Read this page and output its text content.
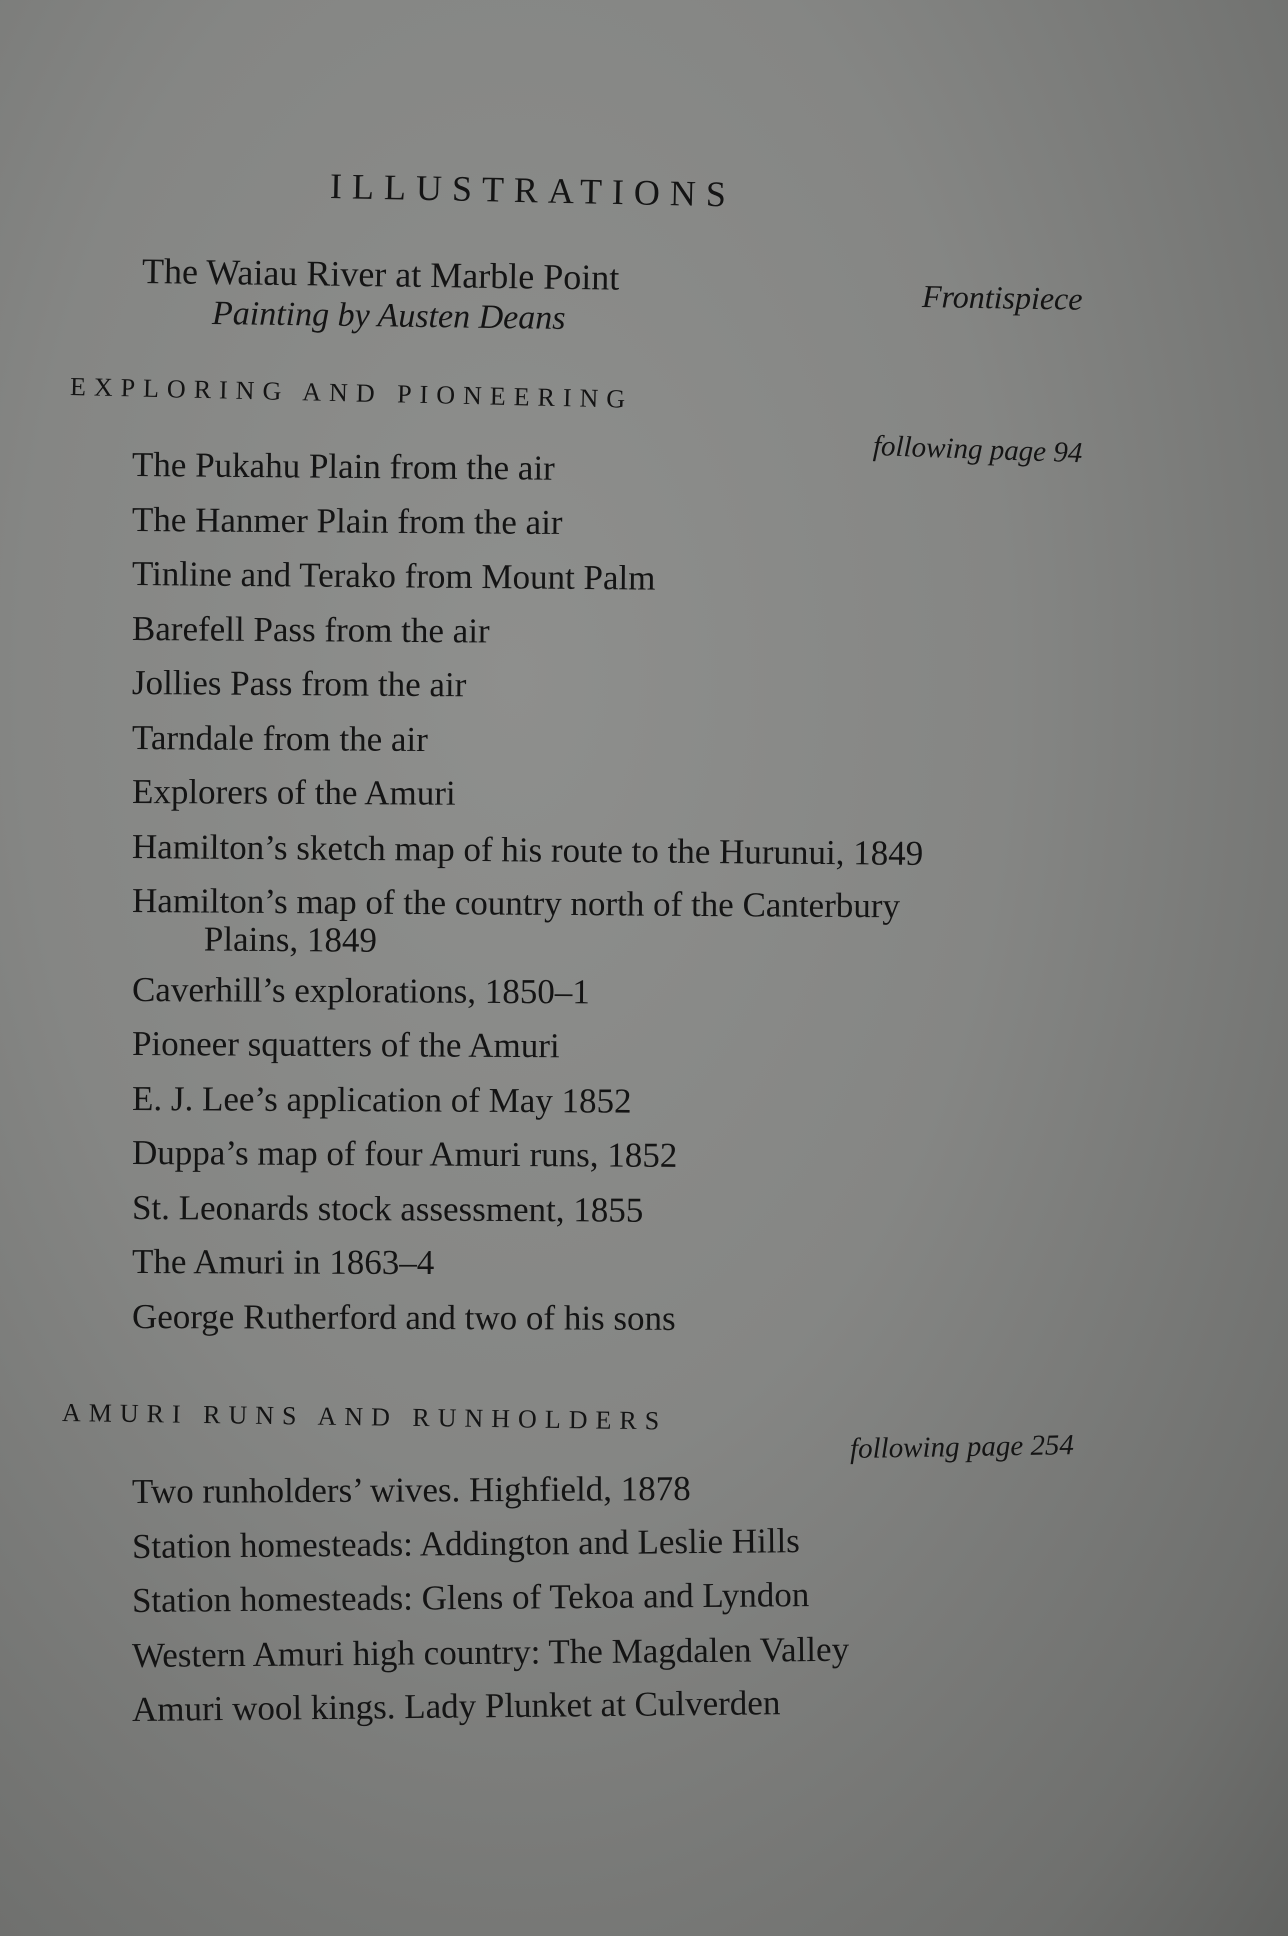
ILLUSTRATIONS
The Waiau River at Marble Point
Painting by Austen Deans	Frontispiece
EXPLORING AND PIONEERING
following page 94
The Pukahu Plain from the air
The Hanmer Plain from the air
Tinline and Terako from Mount Palm
Barefell Pass from the air
Jollies Pass from the air
Tarndale from the air
Explorers of the Amuri
Hamilton’s sketch map of his route to the Hurunui, 1849
Hamilton’s map of the country north of the Canterbury
Plains, 1849
Caverhill’s explorations, 1850–1
Pioneer squatters of the Amuri
E. J. Lee’s application of May 1852
Duppa’s map of four Amuri runs, 1852
St. Leonards stock assessment, 1855
The Amuri in 1863–4
George Rutherford and two of his sons
AMURI RUNS AND RUNHOLDERS
following page 254
Two runholders’ wives. Highfield, 1878
Station homesteads: Addington and Leslie Hills
Station homesteads: Glens of Tekoa and Lyndon
Western Amuri high country: The Magdalen Valley
Amuri wool kings. Lady Plunket at Culverden
